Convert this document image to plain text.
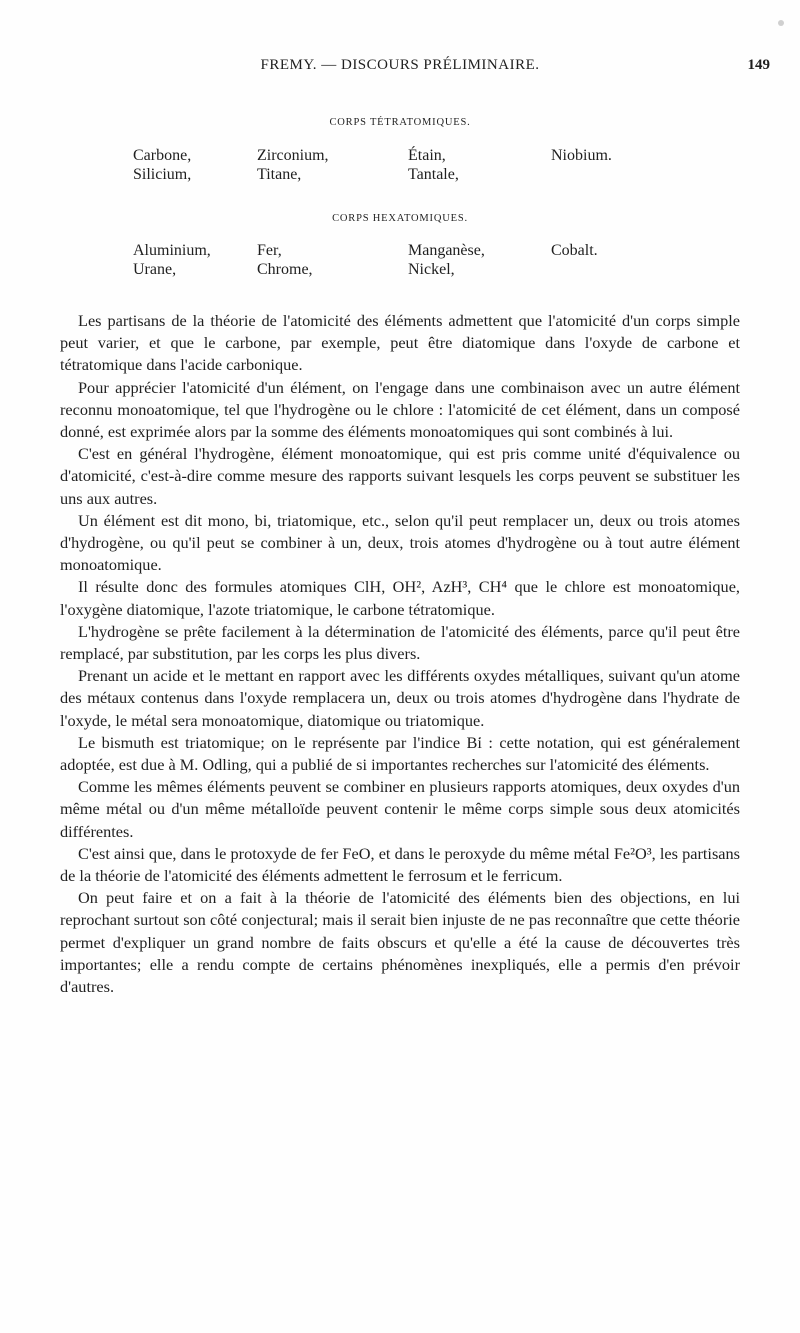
FREMY. — DISCOURS PRÉLIMINAIRE.	149
CORPS TÉTRATOMIQUES.
Carbone,	Zirconium,	Étain,	Niobium.
Silicium,	Titane,	Tantale,
CORPS HEXATOMIQUES.
Aluminium,	Fer,	Manganèse,	Cobalt.
Urane,	Chrome,	Nickel,

Les partisans de la théorie de l'atomicité des éléments admettent que l'atomicité d'un corps simple peut varier, et que le carbone, par exemple, peut être diatomique dans l'oxyde de carbone et tétratomique dans l'acide carbonique.

Pour apprécier l'atomicité d'un élément, on l'engage dans une combinaison avec un autre élément reconnu monoatomique, tel que l'hydrogène ou le chlore : l'atomicité de cet élément, dans un composé donné, est exprimée alors par la somme des éléments monoatomiques qui sont combinés à lui.

C'est en général l'hydrogène, élément monoatomique, qui est pris comme unité d'équivalence ou d'atomicité, c'est-à-dire comme mesure des rapports suivant lesquels les corps peuvent se substituer les uns aux autres.

Un élément est dit mono, bi, triatomique, etc., selon qu'il peut remplacer un, deux ou trois atomes d'hydrogène, ou qu'il peut se combiner à un, deux, trois atomes d'hydrogène ou à tout autre élément monoatomique.

Il résulte donc des formules atomiques ClH, OH², AzH³, CH⁴ que le chlore est monoatomique, l'oxygène diatomique, l'azote triatomique, le carbone tétratomique.

L'hydrogène se prête facilement à la détermination de l'atomicité des éléments, parce qu'il peut être remplacé, par substitution, par les corps les plus divers.

Prenant un acide et le mettant en rapport avec les différents oxydes métalliques, suivant qu'un atome des métaux contenus dans l'oxyde remplacera un, deux ou trois atomes d'hydrogène dans l'hydrate de l'oxyde, le métal sera monoatomique, diatomique ou triatomique.

Le bismuth est triatomique; on le représente par l'indice B͘i : cette notation, qui est généralement adoptée, est due à M. Odling, qui a publié de si importantes recherches sur l'atomicité des éléments.

Comme les mêmes éléments peuvent se combiner en plusieurs rapports atomiques, deux oxydes d'un même métal ou d'un même métalloïde peuvent contenir le même corps simple sous deux atomicités différentes.

C'est ainsi que, dans le protoxyde de fer FeO, et dans le peroxyde du même métal Fe²O³, les partisans de la théorie de l'atomicité des éléments admettent le ferrosum et le ferricum.

On peut faire et on a fait à la théorie de l'atomicité des éléments bien des objections, en lui reprochant surtout son côté conjectural; mais il serait bien injuste de ne pas reconnaître que cette théorie permet d'expliquer un grand nombre de faits obscurs et qu'elle a été la cause de découvertes très importantes; elle a rendu compte de certains phénomènes inexpliqués, elle a permis d'en prévoir d'autres.
